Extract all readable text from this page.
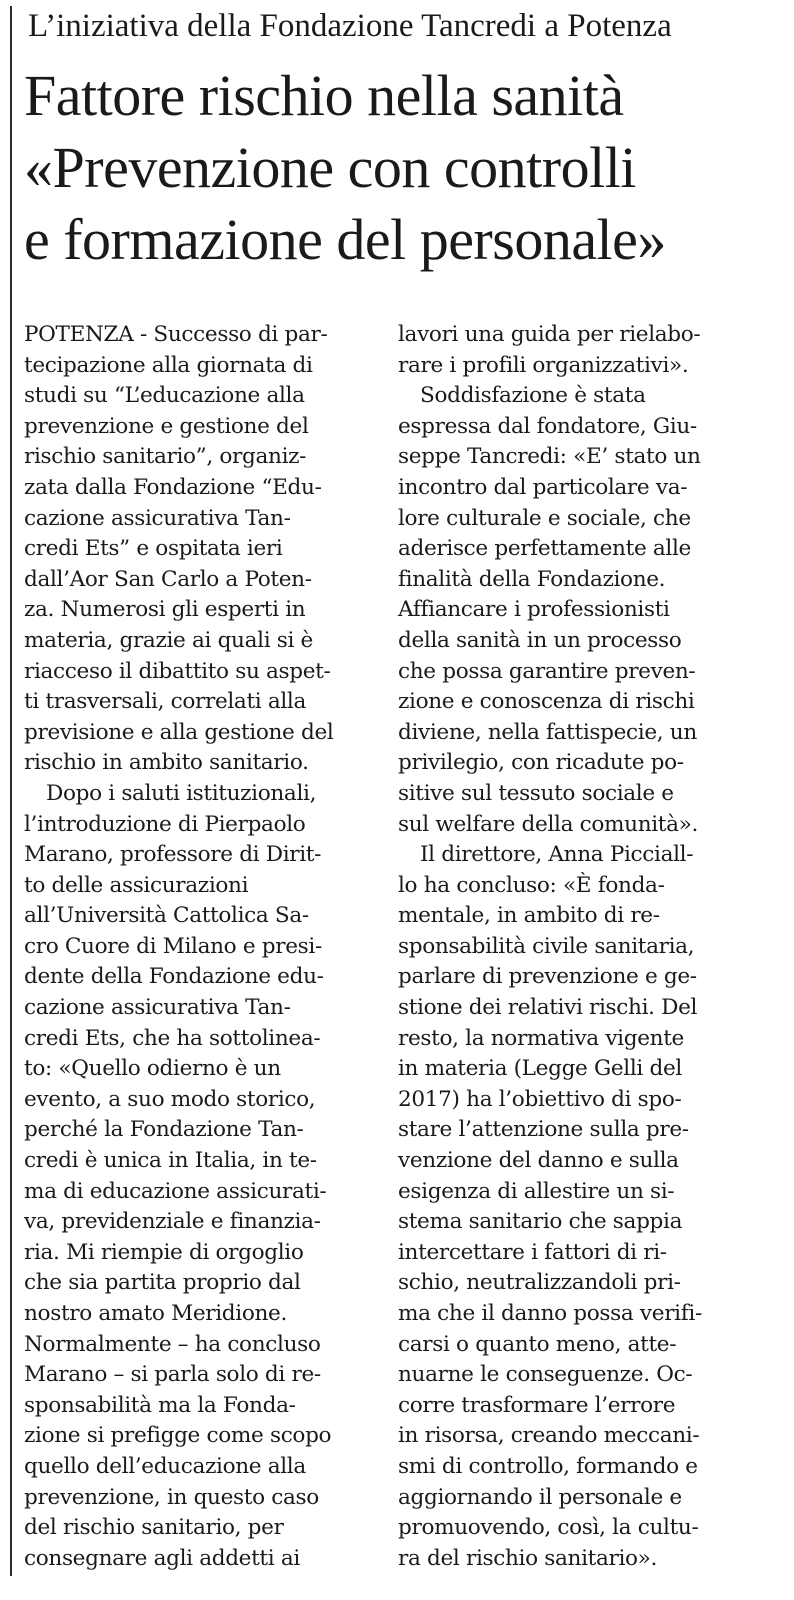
L’iniziativa della Fondazione Tancredi a Potenza
Fattore rischio nella sanità
«Prevenzione con controlli
e formazione del personale»

POTENZA - Successo di par-
tecipazione alla giornata di
studi su “L’educazione alla
prevenzione e gestione del
rischio sanitario”, organiz-
zata dalla Fondazione “Edu-
cazione assicurativa Tan-
credi Ets” e ospitata ieri
dall’Aor San Carlo a Poten-
za. Numerosi gli esperti in
materia, grazie ai quali si è
riacceso il dibattito su aspet-
ti trasversali, correlati alla
previsione e alla gestione del
rischio in ambito sanitario.

Dopo i saluti istituzionali,
l’introduzione di Pierpaolo
Marano, professore di Dirit-
to delle assicurazioni
all’Università Cattolica Sa-
cro Cuore di Milano e presi-
dente della Fondazione edu-
cazione assicurativa Tan-
credi Ets, che ha sottolinea-
to: «Quello odierno è un
evento, a suo modo storico,
perché la Fondazione Tan-
credi è unica in Italia, in te-
ma di educazione assicurati-
va, previdenziale e finanzia-
ria. Mi riempie di orgoglio
che sia partita proprio dal
nostro amato Meridione.
Normalmente – ha concluso
Marano – si parla solo di re-
sponsabilità ma la Fonda-
zione si prefigge come scopo
quello dell’educazione alla
prevenzione, in questo caso
del rischio sanitario, per
consegnare agli addetti ai

lavori una guida per rielabo-
rare i profili organizzativi».

Soddisfazione è stata
espressa dal fondatore, Giu-
seppe Tancredi: «E’ stato un
incontro dal particolare va-
lore culturale e sociale, che
aderisce perfettamente alle
finalità della Fondazione.
Affiancare i professionisti
della sanità in un processo
che possa garantire preven-
zione e conoscenza di rischi
diviene, nella fattispecie, un
privilegio, con ricadute po-
sitive sul tessuto sociale e
sul welfare della comunità».

Il direttore, Anna Picciall-
lo ha concluso: «È fonda-
mentale, in ambito di re-
sponsabilità civile sanitaria,
parlare di prevenzione e ge-
stione dei relativi rischi. Del
resto, la normativa vigente
in materia (Legge Gelli del
2017) ha l’obiettivo di spo-
stare l’attenzione sulla pre-
venzione del danno e sulla
esigenza di allestire un si-
stema sanitario che sappia
intercettare i fattori di ri-
schio, neutralizzandoli pri-
ma che il danno possa verifi-
carsi o quanto meno, atte-
nuarne le conseguenze. Oc-
corre trasformare l’errore
in risorsa, creando meccani-
smi di controllo, formando e
aggiornando il personale e
promuovendo, così, la cultu-
ra del rischio sanitario».
